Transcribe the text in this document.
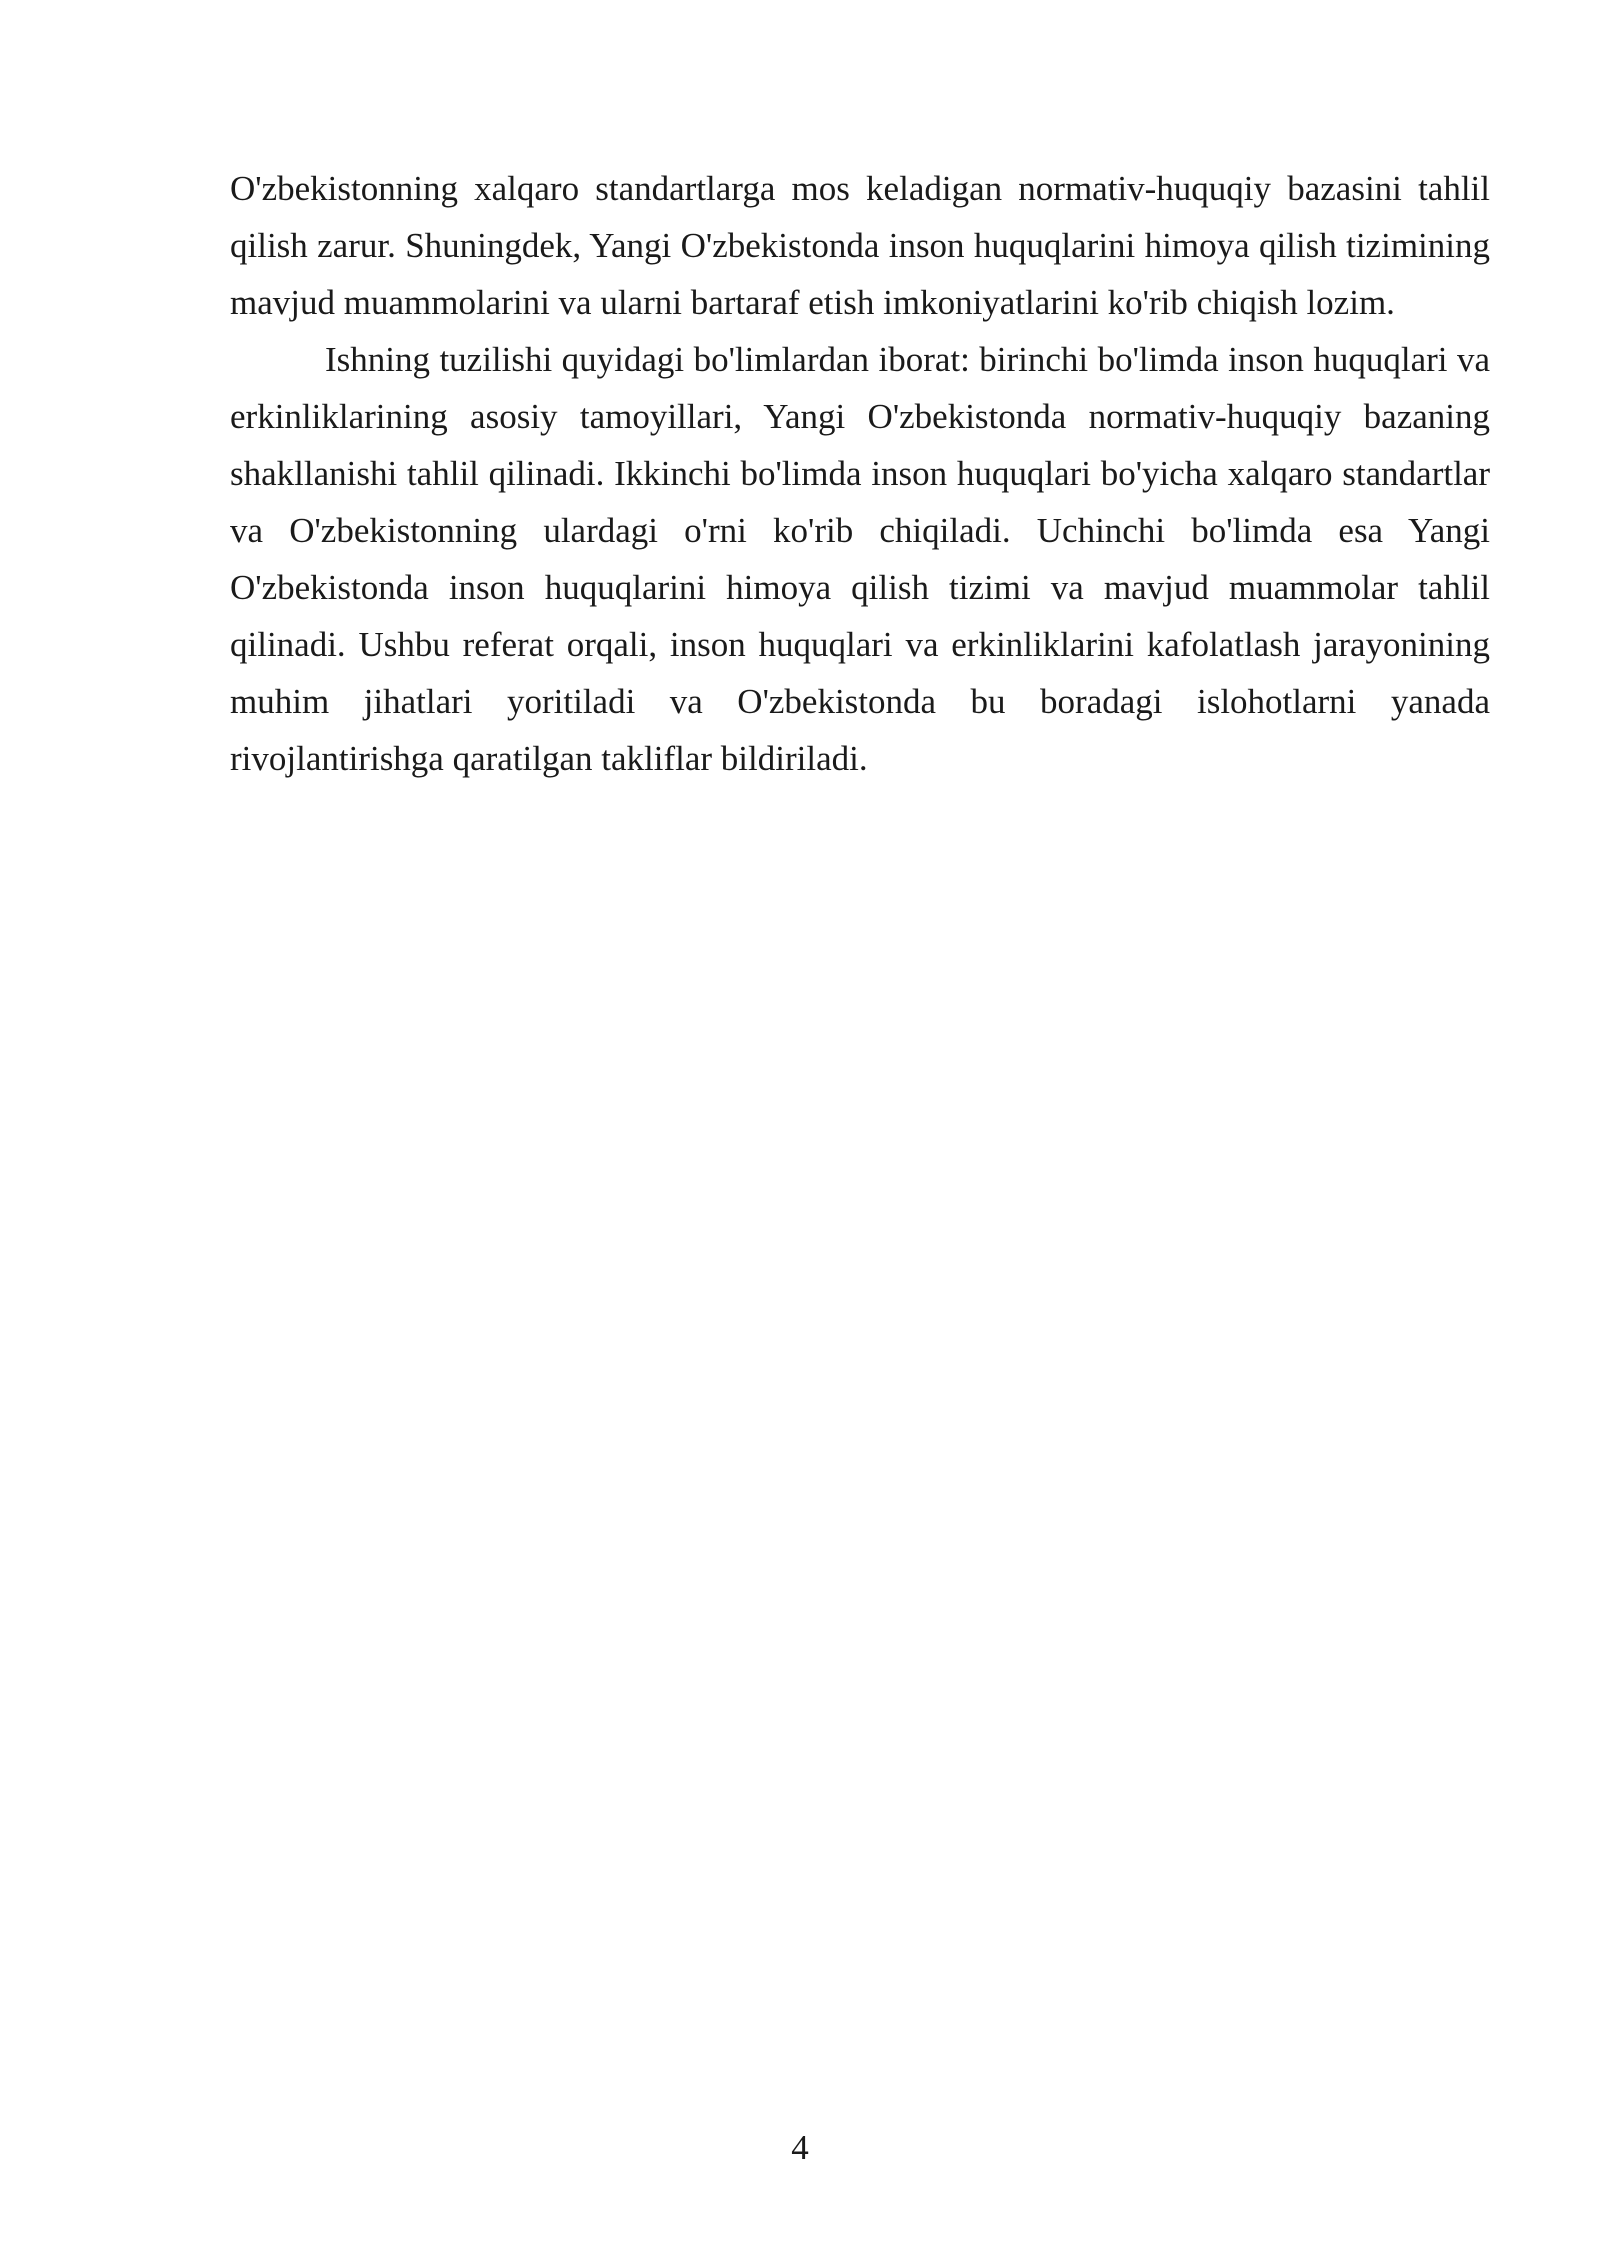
O'zbekistonning xalqaro standartlarga mos keladigan normativ-huquqiy bazasini tahlil qilish zarur. Shuningdek, Yangi O'zbekistonda inson huquqlarini himoya qilish tizimining mavjud muammolarini va ularni bartaraf etish imkoniyatlarini ko'rib chiqish lozim.

Ishning tuzilishi quyidagi bo'limlardan iborat: birinchi bo'limda inson huquqlari va erkinliklarining asosiy tamoyillari, Yangi O'zbekistonda normativ-huquqiy bazaning shakllanishi tahlil qilinadi. Ikkinchi bo'limda inson huquqlari bo'yicha xalqaro standartlar va O'zbekistonning ulardagi o'rni ko'rib chiqiladi. Uchinchi bo'limda esa Yangi O'zbekistonda inson huquqlarini himoya qilish tizimi va mavjud muammolar tahlil qilinadi. Ushbu referat orqali, inson huquqlari va erkinliklarini kafolatlash jarayonining muhim jihatlari yoritiladi va O'zbekistonda bu boradagi islohotlarni yanada rivojlantirishga qaratilgan takliflar bildiriladi.

4
